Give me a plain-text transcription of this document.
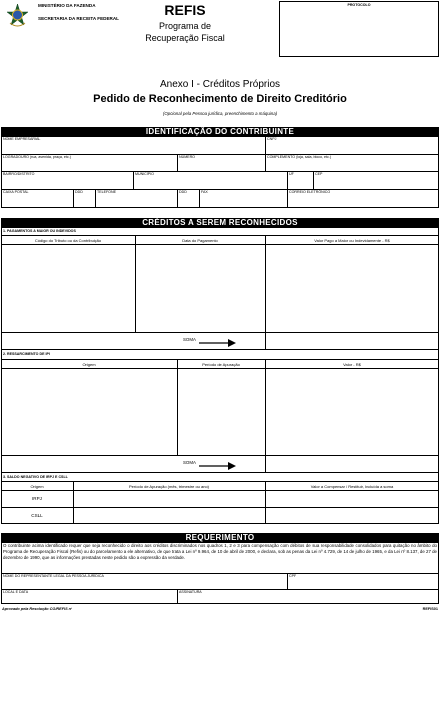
MINISTÉRIO DA FAZENDA
SECRETARIA DA RECEITA FEDERAL
REFIS
Programa de
Recuperação Fiscal
PROTOCOLO
Anexo I - Créditos Próprios
Pedido de Reconhecimento de Direito Creditório
(Opcional pela Pessoa jurídica, preenchimento a máquina)
IDENTIFICAÇÃO DO CONTRIBUINTE
NOME EMPRESARIAL	CNPJ
LOGRADOURO (rua, avenida, praça, etc.)	NÚMERO	COMPLEMENTO (loja, sala, bloco, etc.)
BAIRRO/DISTRITO	MUNICÍPIO	UF	CEP
CAIXA POSTAL	DDD	TELEFONE	DDD	FAX	CORREIO ELETRÔNICO
CRÉDITOS A SEREM RECONHECIDOS
1. PAGAMENTOS A MAIOR OU INDEVIDOS
Código do Tributo ou da Contribuição	Data do Pagamento	Valor Pago a Maior ou Indevidamente - R$
SOMA
2. RESSARCIMENTO DE IPI
Origem	Período de Apuração	Valor - R$
SOMA
3. SALDO NEGATIVO DE IRPJ E CSLL
Origem	Período de Apuração (mês, trimestre ou ano)	Valor a Compensar / Restituir, Incluída a soma
IRPJ
CSLL
REQUERIMENTO
O contribuinte acima identificado requer que seja reconhecido o direito aos créditos discriminados nos quadros 1, 2 e 3 para compensação com débitos de sua responsabilidade consolidados para quitação no âmbito do Programa de Recuperação Fiscal (Refis) ou do parcelamento a ele alternativo, de que trata a Lei nº 9.964, de 10 de abril de 2000, e declara, sob as penas da Lei nº 4.729, de 14 de julho de 1965, e da Lei nº 8.137, de 27 de dezembro de 1990, que as informações prestadas neste pedido são a expressão da verdade.
NOME DO REPRESENTANTE LEGAL DA PESSOA JURÍDICA	CPF
LOCAL E DATA	ASSINATURA
Aprovado pela Resolução CG/REFIS nº	REFIS01
